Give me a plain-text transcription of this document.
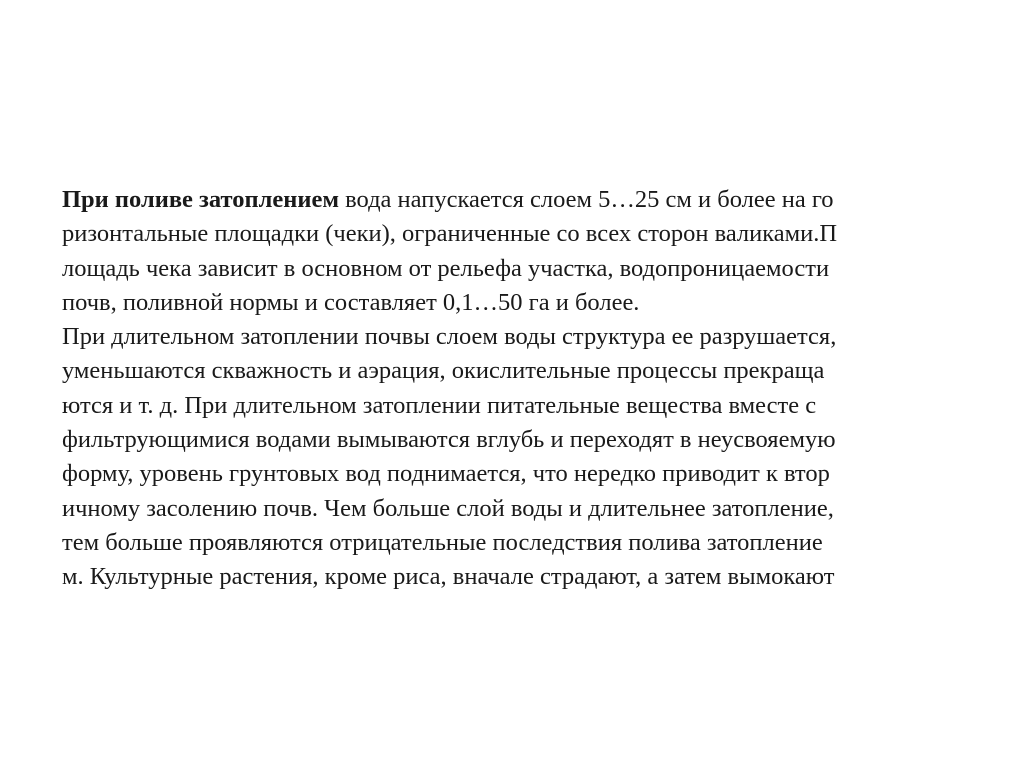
При поливе затоплением вода напускается слоем 5…25 см и более на го
ризонтальные площадки (чеки), ограниченные со всех сторон валиками.П
лощадь чека зависит в основном от рельефа участка, водопроницаемости
почв, поливной нормы и составляет 0,1…50 га и более.
При длительном затоплении почвы слоем воды структура ее разрушается,
уменьшаются скважность и аэрация, окислительные процессы прекраща
ются и т. д. При длительном затоплении питательные вещества вместе с
фильтрующимися водами вымываются вглубь и переходят в неусвояемую
форму, уровень грунтовых вод поднимается, что нередко приводит к втор
ичному засолению почв. Чем больше слой воды и длительнее затопление,
тем больше проявляются отрицательные последствия полива затопление
м. Культурные растения, кроме риса, вначале страдают, а затем вымокают
